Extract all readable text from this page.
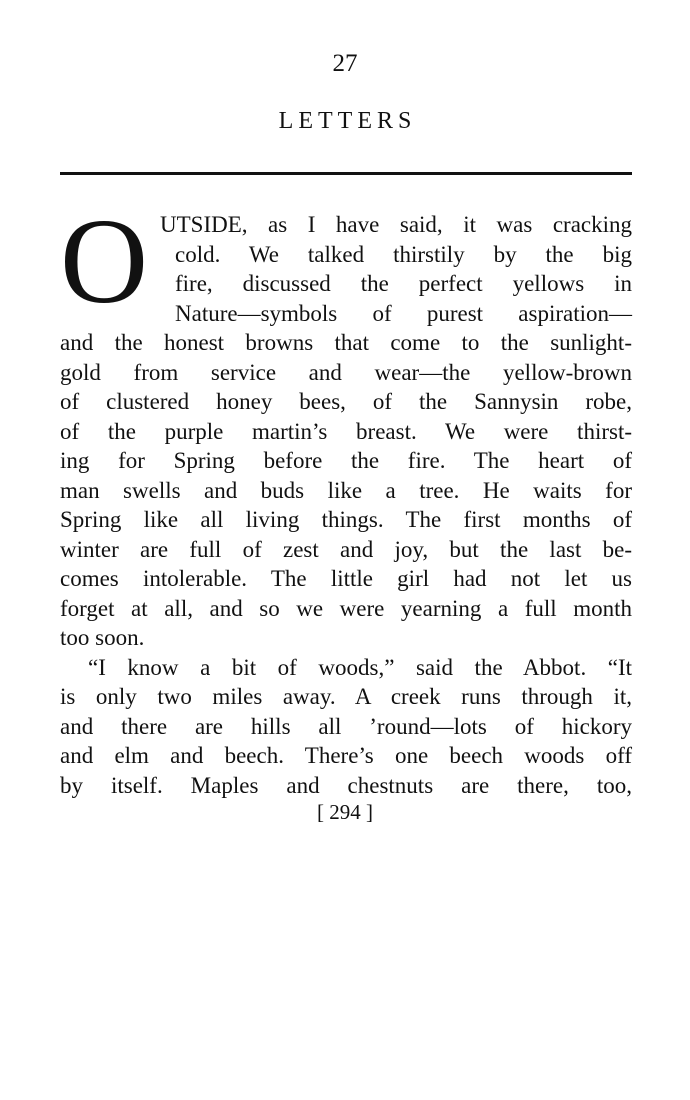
27
LETTERS
O UTSIDE, as I have said, it was cracking
cold. We talked thirstily by the big
fire, discussed the perfect yellows in
Nature—symbols of purest aspiration—
and the honest browns that come to the sunlight-
gold from service and wear—the yellow-brown
of clustered honey bees, of the Sannysin robe,
of the purple martin’s breast. We were thirst-
ing for Spring before the fire. The heart of
man swells and buds like a tree. He waits for
Spring like all living things. The first months of
winter are full of zest and joy, but the last be-
comes intolerable. The little girl had not let us
forget at all, and so we were yearning a full month
too soon.
“I know a bit of woods,” said the Abbot. “It
is only two miles away. A creek runs through it,
and there are hills all ’round—lots of hickory
and elm and beech. There’s one beech woods off
by itself. Maples and chestnuts are there, too,
[ 294 ]
